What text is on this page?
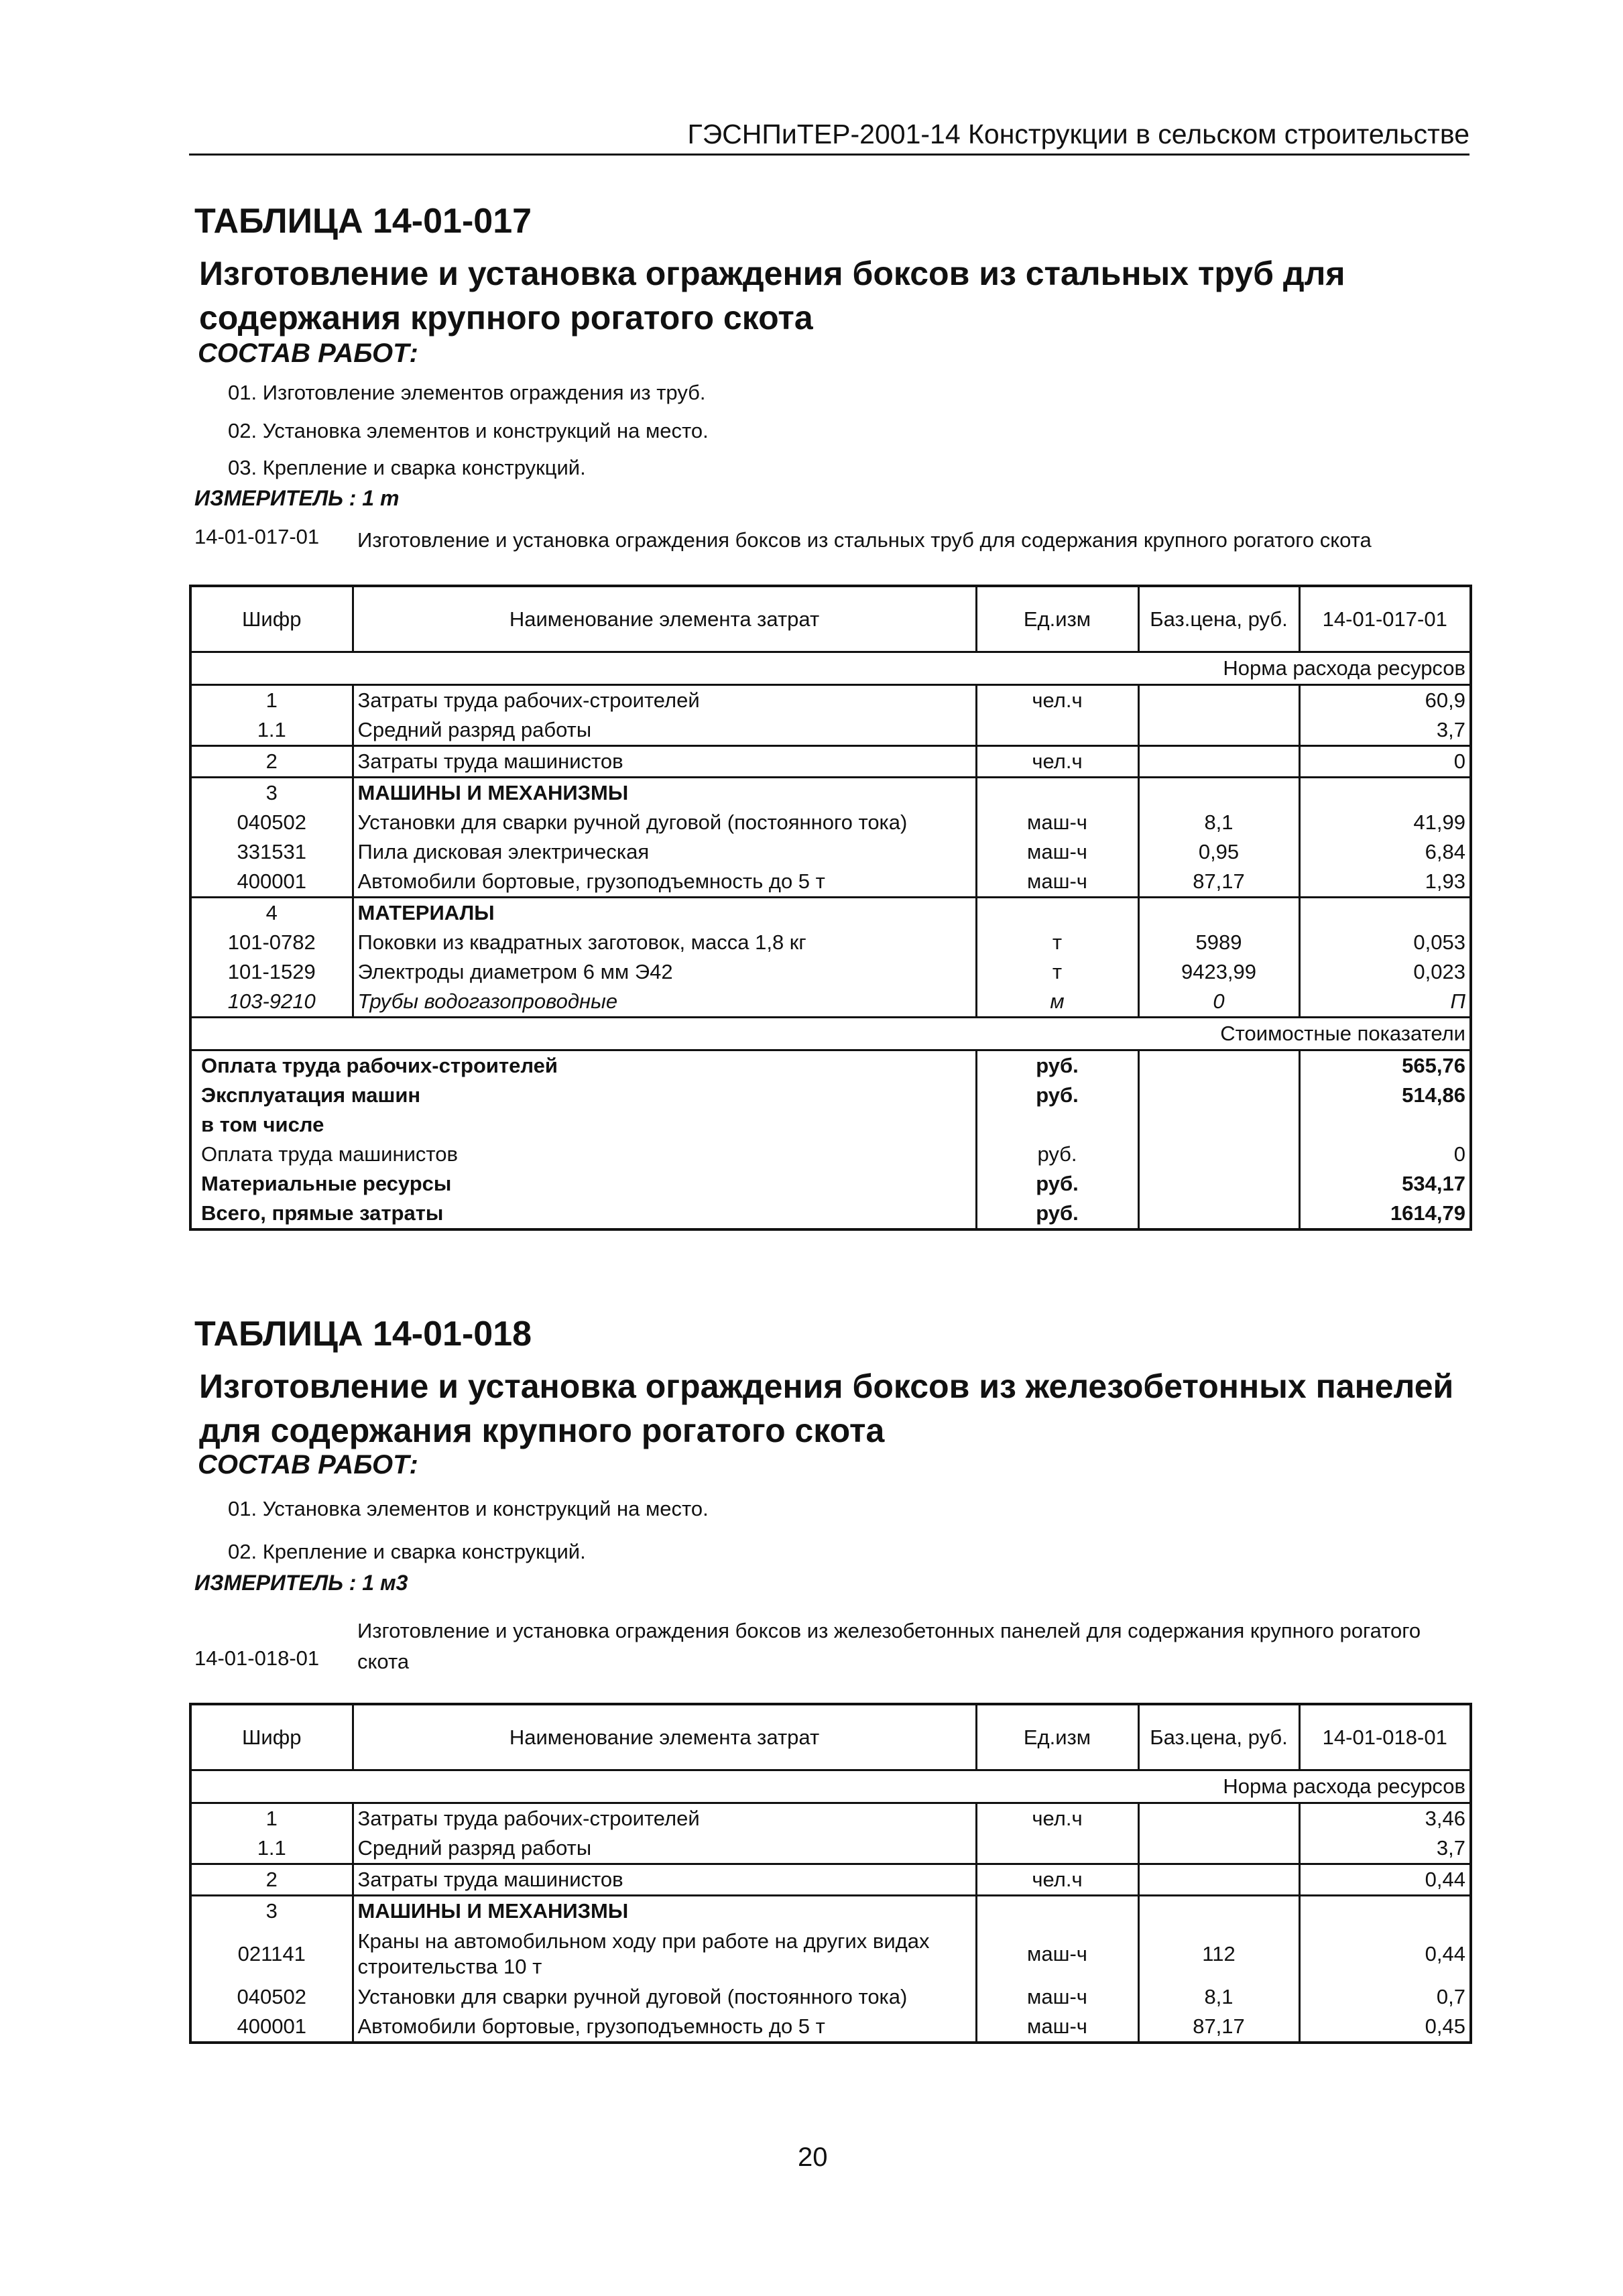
ГЭСНПиТЕР-2001-14 Конструкции в сельском строительстве
ТАБЛИЦА 14-01-017
Изготовление и установка ограждения боксов из стальных труб для
содержания крупного рогатого скота
СОСТАВ РАБОТ:
01. Изготовление элементов ограждения из труб.
02. Установка элементов и конструкций на место.
03. Крепление и сварка конструкций.
ИЗМЕРИТЕЛЬ : 1 т
14-01-017-01 Изготовление и установка ограждения боксов из стальных труб для содержания крупного рогатого скота
Шифр	Наименование элемента затрат	Ед.изм	Баз.цена, руб.	14-01-017-01
Норма расхода ресурсов				
1	Затраты труда рабочих-строителей	чел.ч		60,9
1.1	Средний разряд работы			3,7
2	Затраты труда машинистов	чел.ч		0
3	МАШИНЫ И МЕХАНИЗМЫ			
040502	Установки для сварки ручной дуговой (постоянного тока)	маш-ч	8,1	41,99
331531	Пила дисковая электрическая	маш-ч	0,95	6,84
400001	Автомобили бортовые, грузоподъемность до 5 т	маш-ч	87,17	1,93
4	МАТЕРИАЛЫ			
101-0782	Поковки из квадратных заготовок, масса 1,8 кг	т	5989	0,053
101-1529	Электроды диаметром 6 мм Э42	т	9423,99	0,023
103-9210	Трубы водогазопроводные	м	0	П
Стоимостные показатели				
Оплата труда рабочих-строителей		руб.		565,76
Эксплуатация машин		руб.		514,86
в том числе				
Оплата труда машинистов		руб.		0
Материальные ресурсы		руб.		534,17
Всего, прямые затраты		руб.		1614,79
ТАБЛИЦА 14-01-018
Изготовление и установка ограждения боксов из железобетонных панелей
для содержания крупного рогатого скота
СОСТАВ РАБОТ:
01. Установка элементов и конструкций на место.
02. Крепление и сварка конструкций.
ИЗМЕРИТЕЛЬ : 1 м3
14-01-018-01
Изготовление и установка ограждения боксов из железобетонных панелей для содержания крупного рогатого скота
Шифр	Наименование элемента затрат	Ед.изм	Баз.цена, руб.	14-01-018-01
Норма расхода ресурсов				
1	Затраты труда рабочих-строителей	чел.ч		3,46
1.1	Средний разряд работы			3,7
2	Затраты труда машинистов	чел.ч		0,44
3	МАШИНЫ И МЕХАНИЗМЫ			
021141	Краны на автомобильном ходу при работе на других видах строительства 10 т	маш-ч	112	0,44
040502	Установки для сварки ручной дуговой (постоянного тока)	маш-ч	8,1	0,7
400001	Автомобили бортовые, грузоподъемность до 5 т	маш-ч	87,17	0,45
20
